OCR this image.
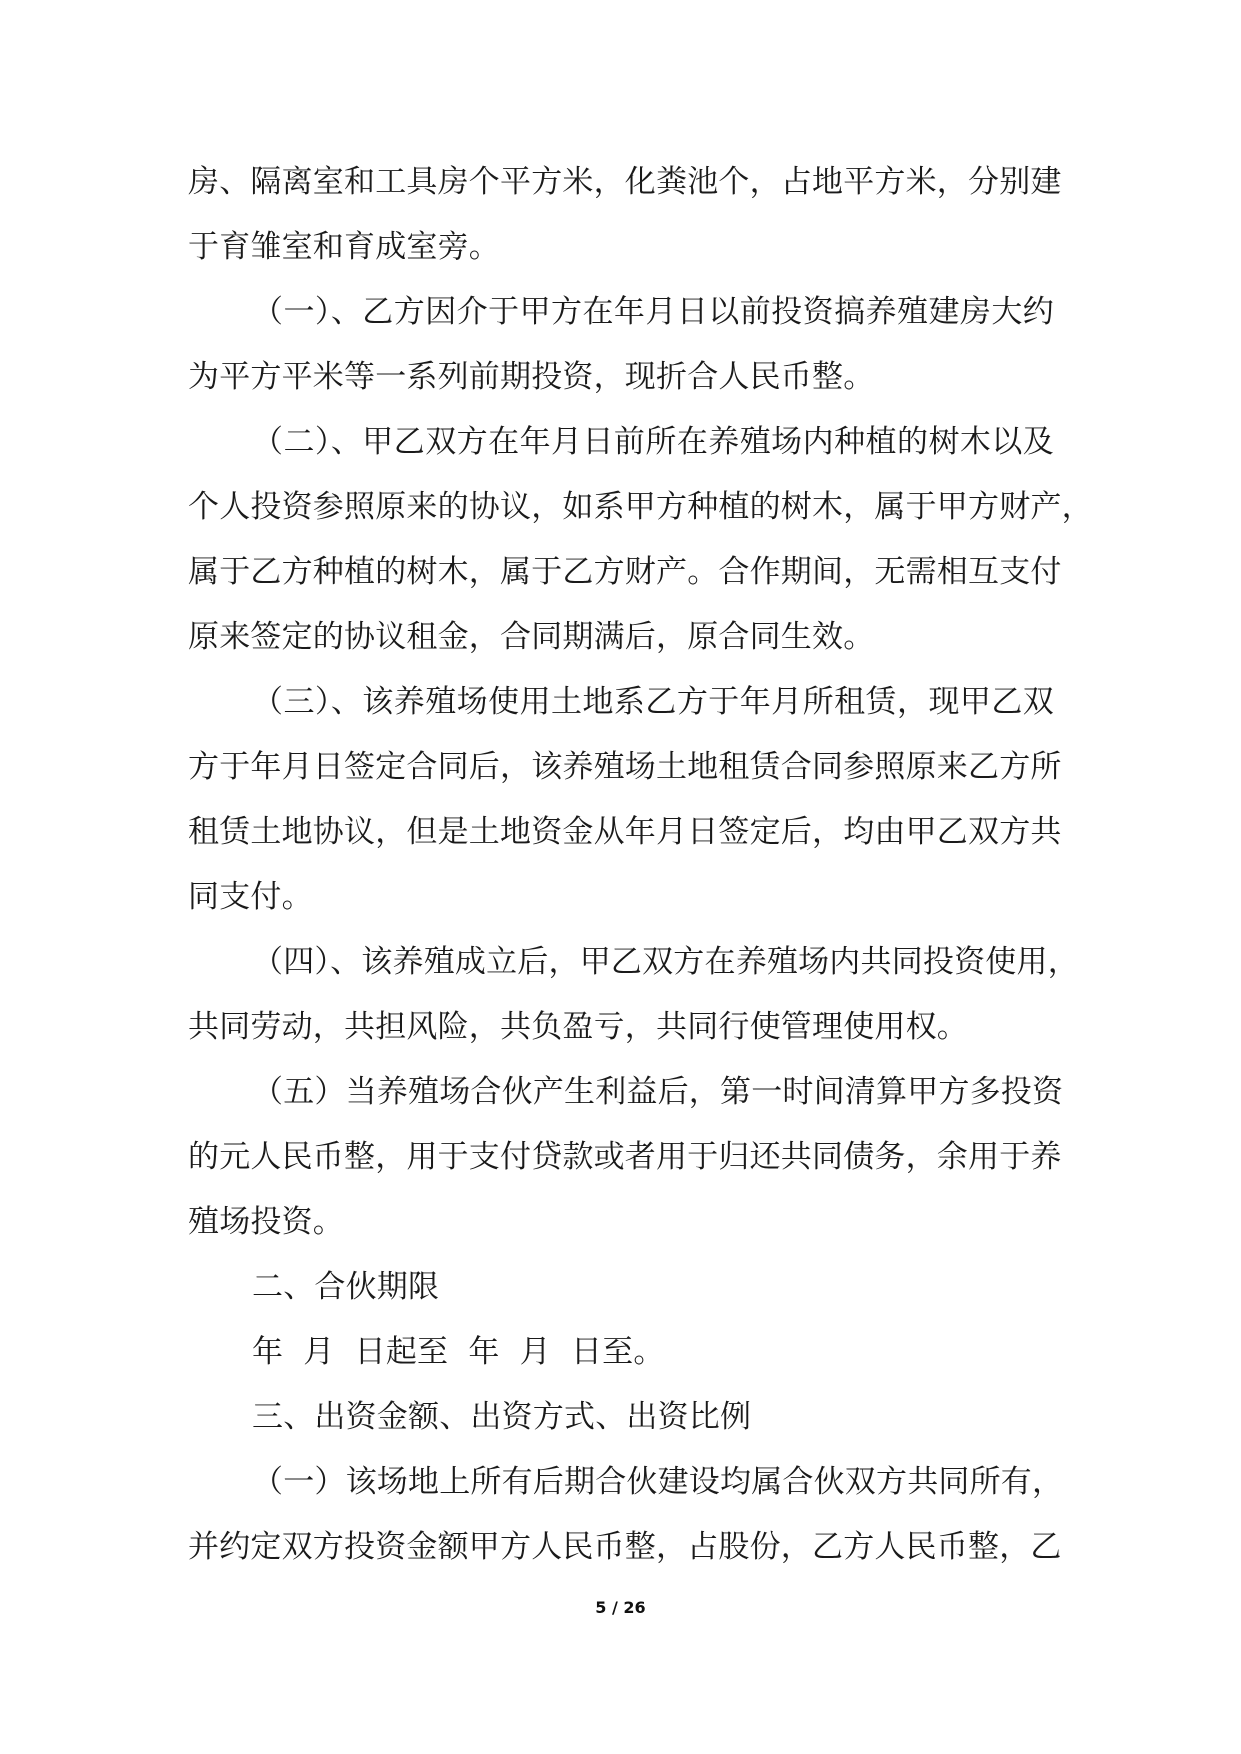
房、隔离室和工具房个平方米，化粪池个，占地平方米，分别建
于育雏室和育成室旁。
（一）、乙方因介于甲方在年月日以前投资搞养殖建房大约
为平方平米等一系列前期投资，现折合人民币整。
（二）、甲乙双方在年月日前所在养殖场内种植的树木以及
个人投资参照原来的协议，如系甲方种植的树木，属于甲方财产，
属于乙方种植的树木，属于乙方财产。合作期间，无需相互支付
原来签定的协议租金，合同期满后，原合同生效。
（三）、该养殖场使用土地系乙方于年月所租赁，现甲乙双
方于年月日签定合同后，该养殖场土地租赁合同参照原来乙方所
租赁土地协议，但是土地资金从年月日签定后，均由甲乙双方共
同支付。
（四）、该养殖成立后，甲乙双方在养殖场内共同投资使用，
共同劳动，共担风险，共负盈亏，共同行使管理使用权。
（五）当养殖场合伙产生利益后，第一时间清算甲方多投资
的元人民币整，用于支付贷款或者用于归还共同债务，余用于养
殖场投资。
二、合伙期限
年  月  日起至  年  月  日至。
三、出资金额、出资方式、出资比例
（一）该场地上所有后期合伙建设均属合伙双方共同所有，
并约定双方投资金额甲方人民币整，占股份，乙方人民币整，乙
5 / 26
